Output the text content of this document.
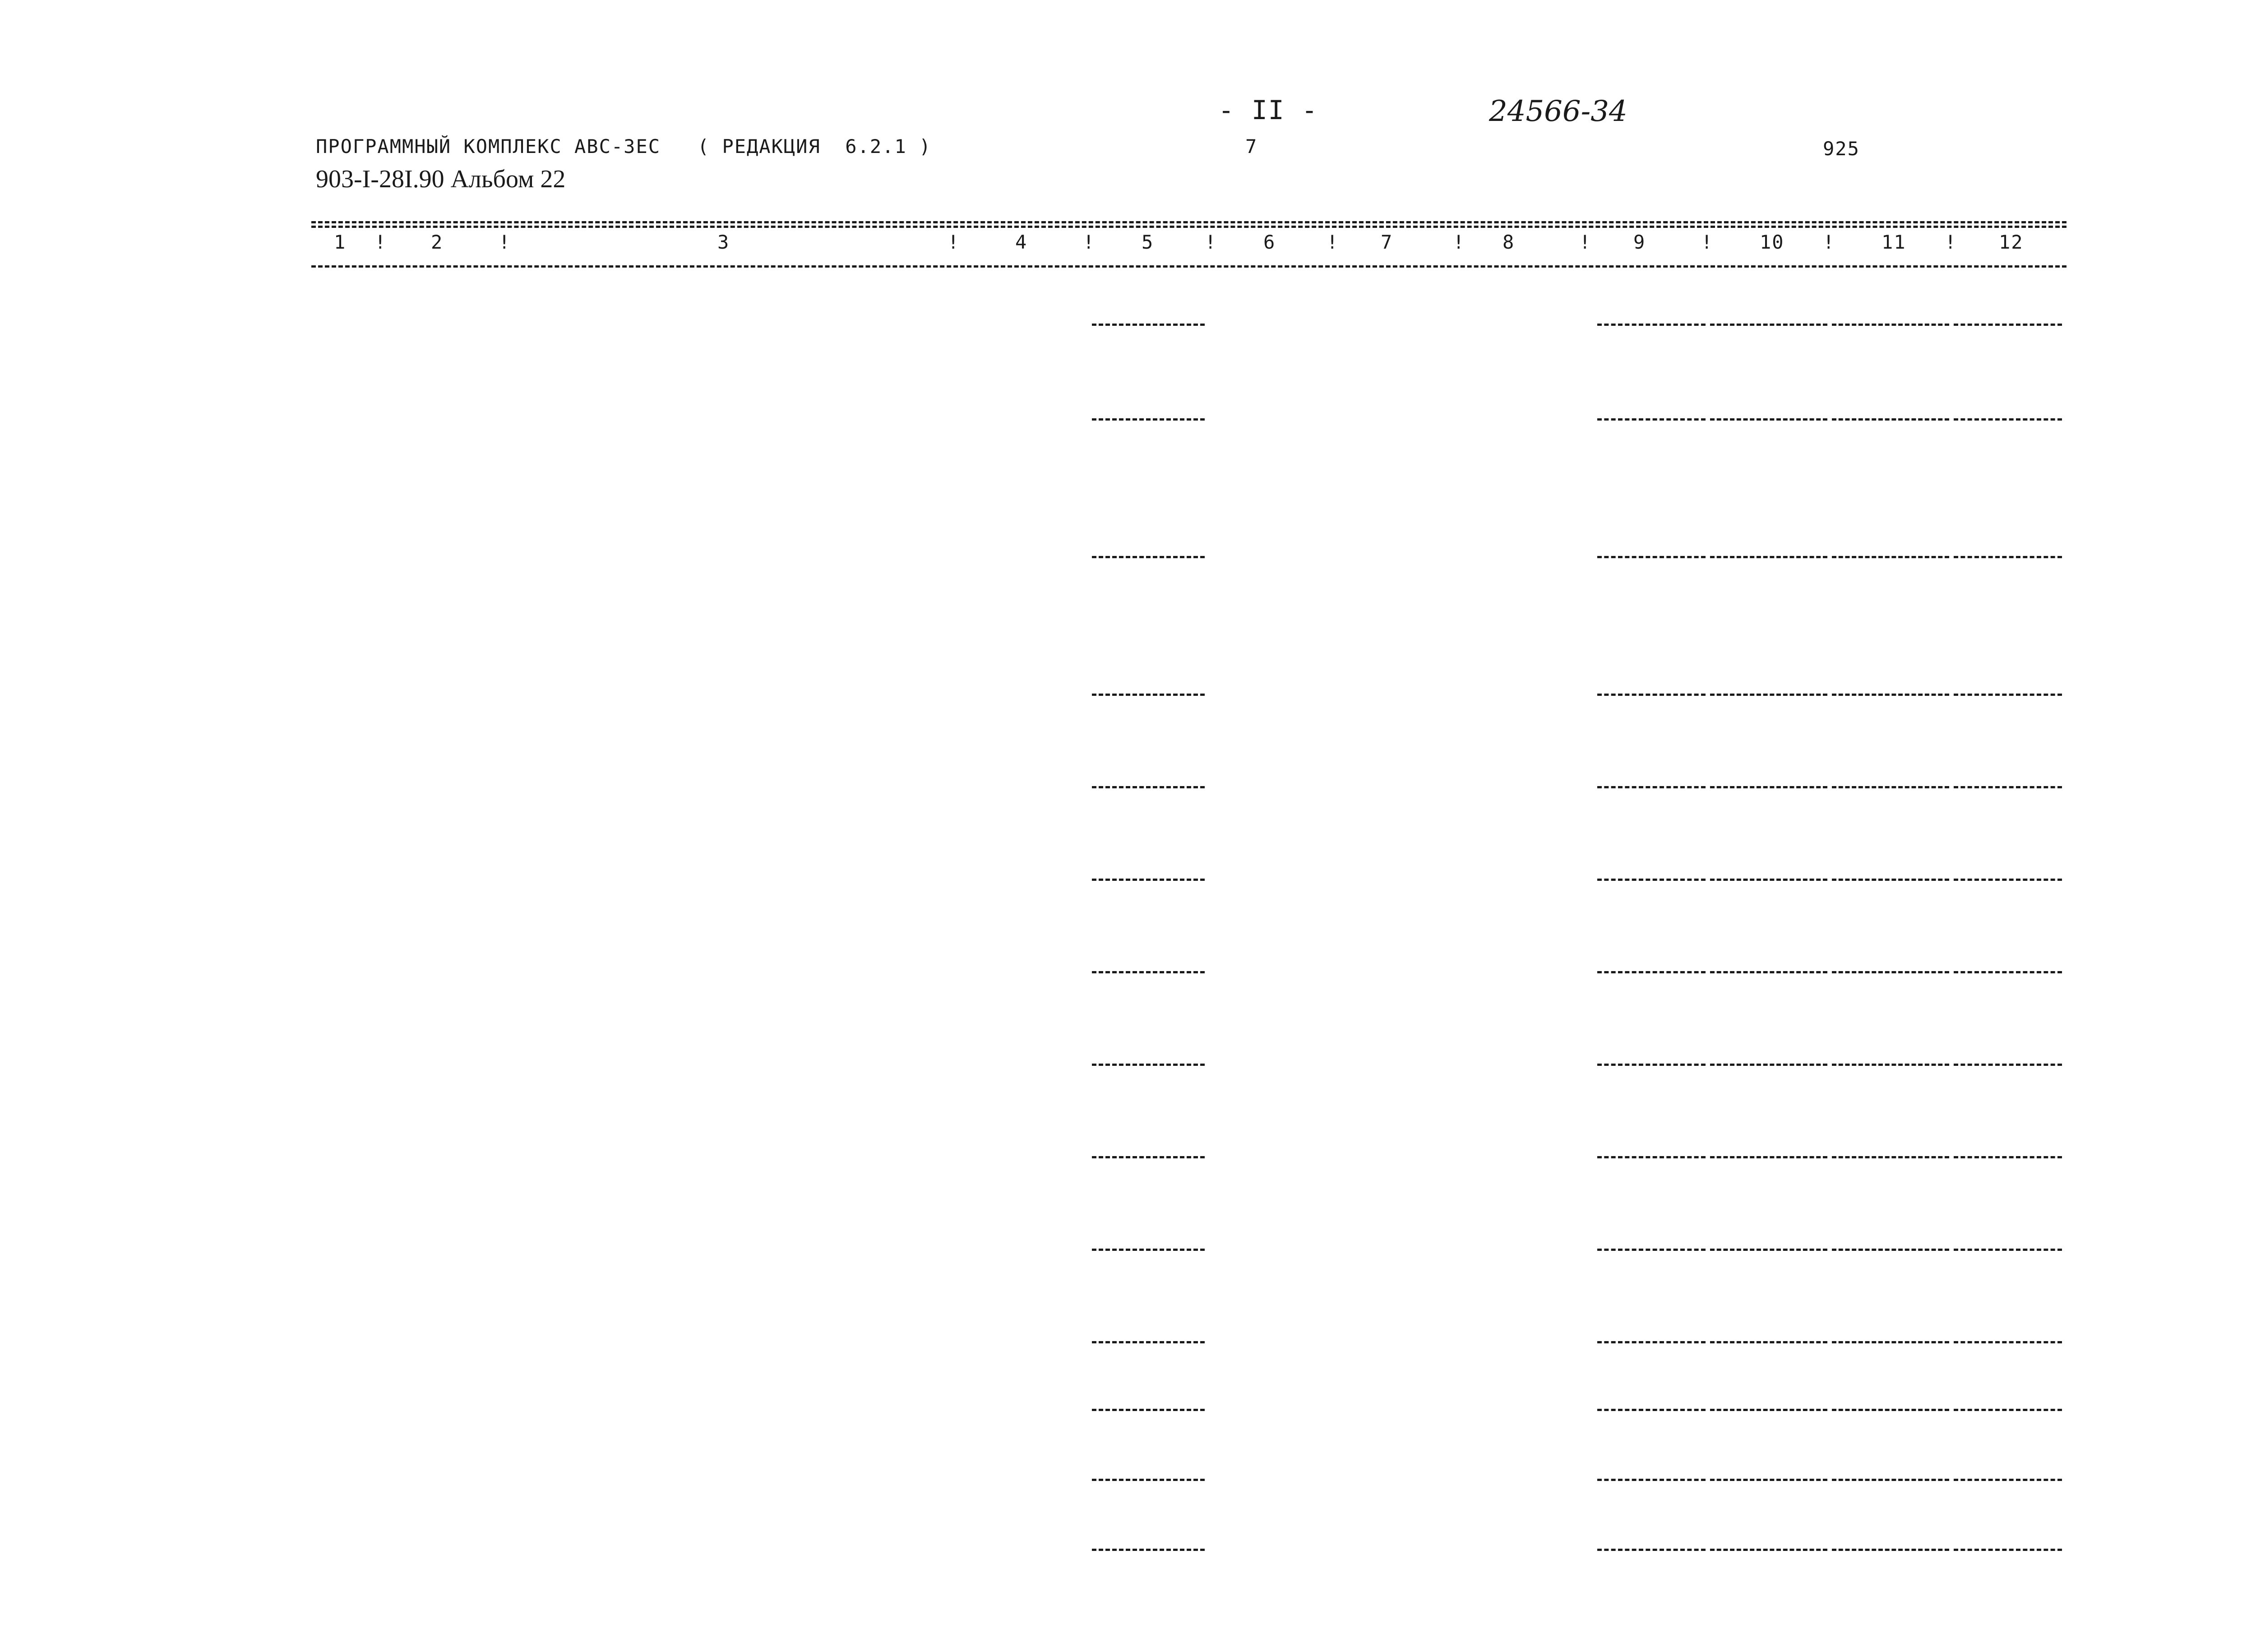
- II -	24566-34
ПРОГРАММНЫЙ КОМПЛЕКС АВС-3ЕС   ( РЕДАКЦИЯ  6.2.1 )	7	925
903-I-28I.90 Альбом 22
1	2	3	4	5	6	7	8	9	10	11	12
!	!	!	!	!	!	!	!	!	!	!
